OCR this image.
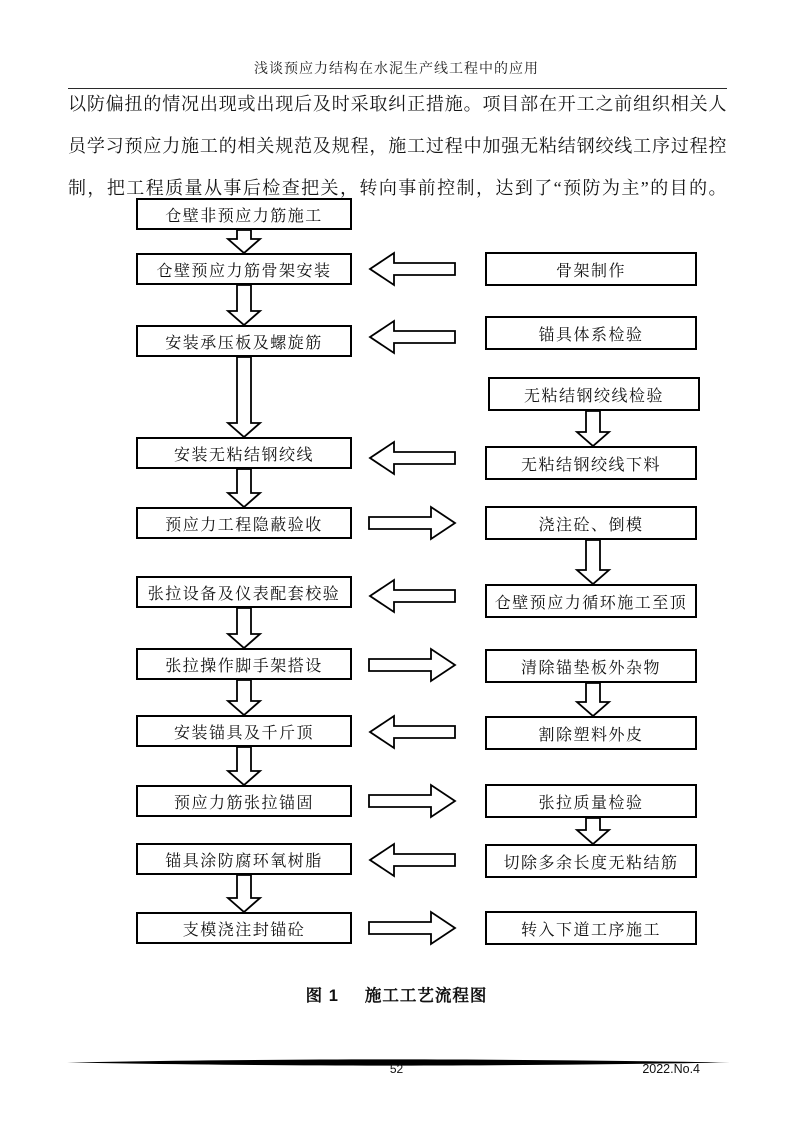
浅谈预应力结构在水泥生产线工程中的应用
以防偏扭的情况出现或出现后及时采取纠正措施。项目部在开工之前组织相关人
员学习预应力施工的相关规范及规程，施工过程中加强无粘结钢绞线工序过程控
制，把工程质量从事后检查把关，转向事前控制，达到了“预防为主”的目的。
仓壁非预应力筋施工
仓壁预应力筋骨架安装
安装承压板及螺旋筋
安装无粘结钢绞线
预应力工程隐蔽验收
张拉设备及仪表配套校验
张拉操作脚手架搭设
安装锚具及千斤顶
预应力筋张拉锚固
锚具涂防腐环氧树脂
支模浇注封锚砼
骨架制作
锚具体系检验
无粘结钢绞线检验
无粘结钢绞线下料
浇注砼、倒模
仓壁预应力循环施工至顶
清除锚垫板外杂物
割除塑料外皮
张拉质量检验
切除多余长度无粘结筋
转入下道工序施工
图 1 施工工艺流程图
52	2022.No.4
